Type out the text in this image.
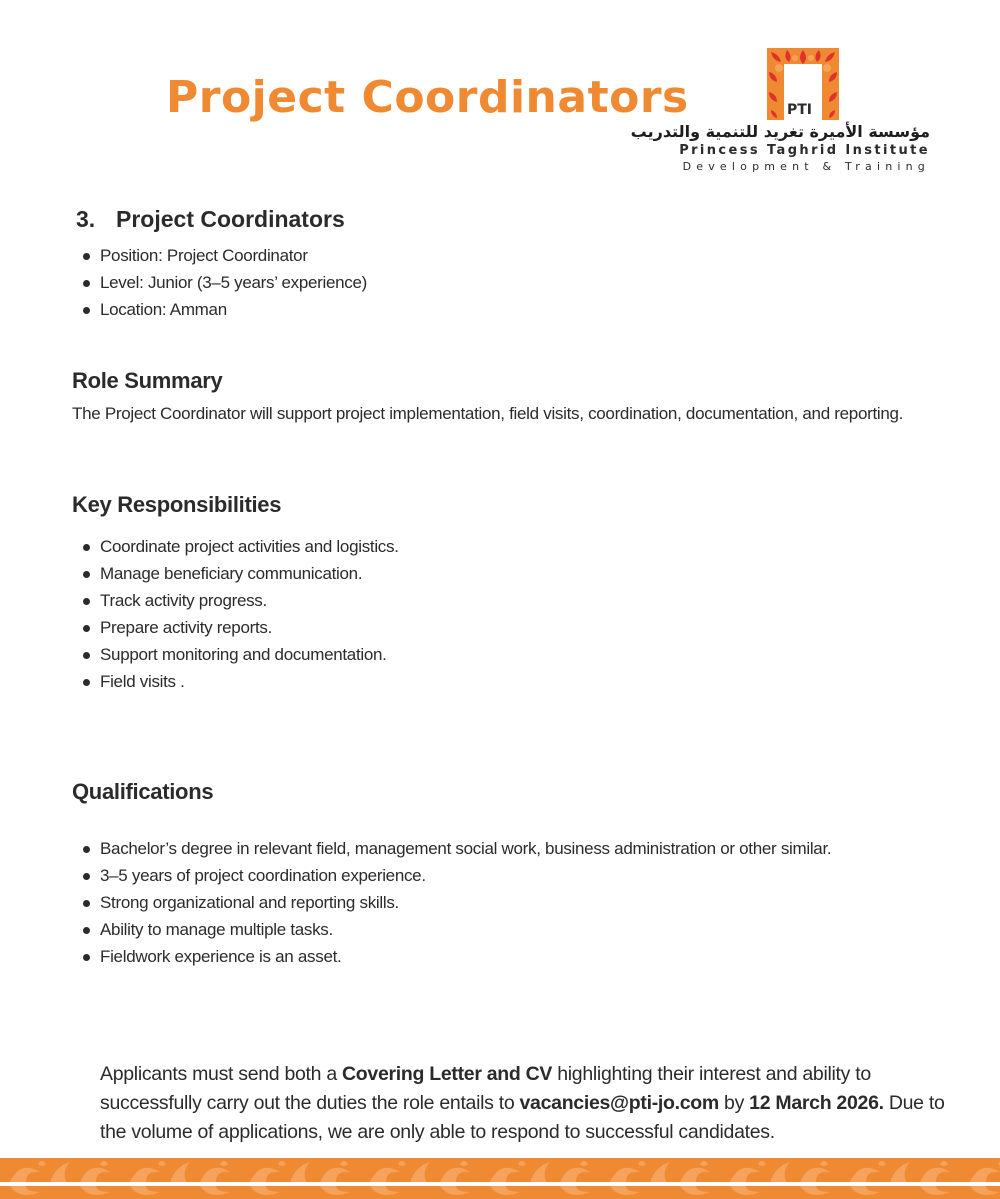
Project Coordinators	PTI
مؤسسة الأميرة تغريد للتنمية والتدريب
Princess Taghrid Institute
Development & Training
3. Project Coordinators
Position: Project Coordinator
Level: Junior (3–5 years’ experience)
Location: Amman
Role Summary

The Project Coordinator will support project implementation, field visits, coordination, documentation, and reporting.

Key Responsibilities
Coordinate project activities and logistics.
Manage beneficiary communication.
Track activity progress.
Prepare activity reports.
Support monitoring and documentation.
Field visits .
Qualifications
Bachelor’s degree in relevant field, management social work, business administration or other similar.
3–5 years of project coordination experience.
Strong organizational and reporting skills.
Ability to manage multiple tasks.
Fieldwork experience is an asset.

Applicants must send both a Covering Letter and CV highlighting their interest and ability to successfully carry out the duties the role entails to vacancies@pti-jo.com by 12 March 2026. Due to the volume of applications, we are only able to respond to successful candidates.
